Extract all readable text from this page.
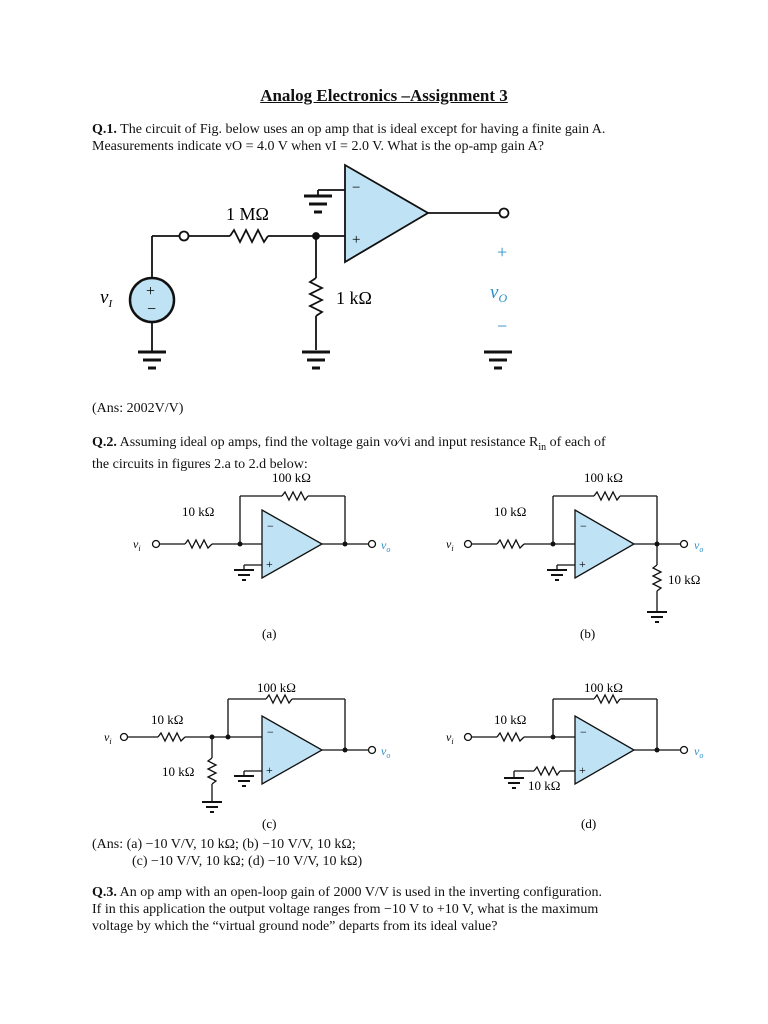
Analog Electronics –Assignment 3
Q.1. The circuit of Fig. below uses an op amp that is ideal except for having a finite gain A.
Measurements indicate vO = 4.0 V when vI = 2.0 V. What is the op-amp gain A?
+
−
−
+
1 MΩ
1 kΩ
$v_I$
+
$v_O$
−
(Ans: 2002V/V)
Q.2. Assuming ideal op amps, find the voltage gain vo∕vi and input resistance $R_{in}$ of each of
the circuits in figures 2.a to 2.d below:
−
+
100 kΩ
10 kΩ
$v_i$	$v_o$
(a)
−
+
100 kΩ
10 kΩ
10 kΩ
$v_i$	$v_o$
(b)
−
+
100 kΩ
10 kΩ
10 kΩ
$v_i$
$v_o$
(c)
−
+
100 kΩ
10 kΩ
10 kΩ
$v_i$
$v_o$
(d)
(Ans: (a) −10 V/V, 10 kΩ; (b) −10 V/V, 10 kΩ;
(c) −10 V/V, 10 kΩ; (d) −10 V/V, 10 kΩ)
Q.3. An op amp with an open-loop gain of 2000 V/V is used in the inverting configuration.
If in this application the output voltage ranges from −10 V to +10 V, what is the maximum
voltage by which the “virtual ground node” departs from its ideal value?
